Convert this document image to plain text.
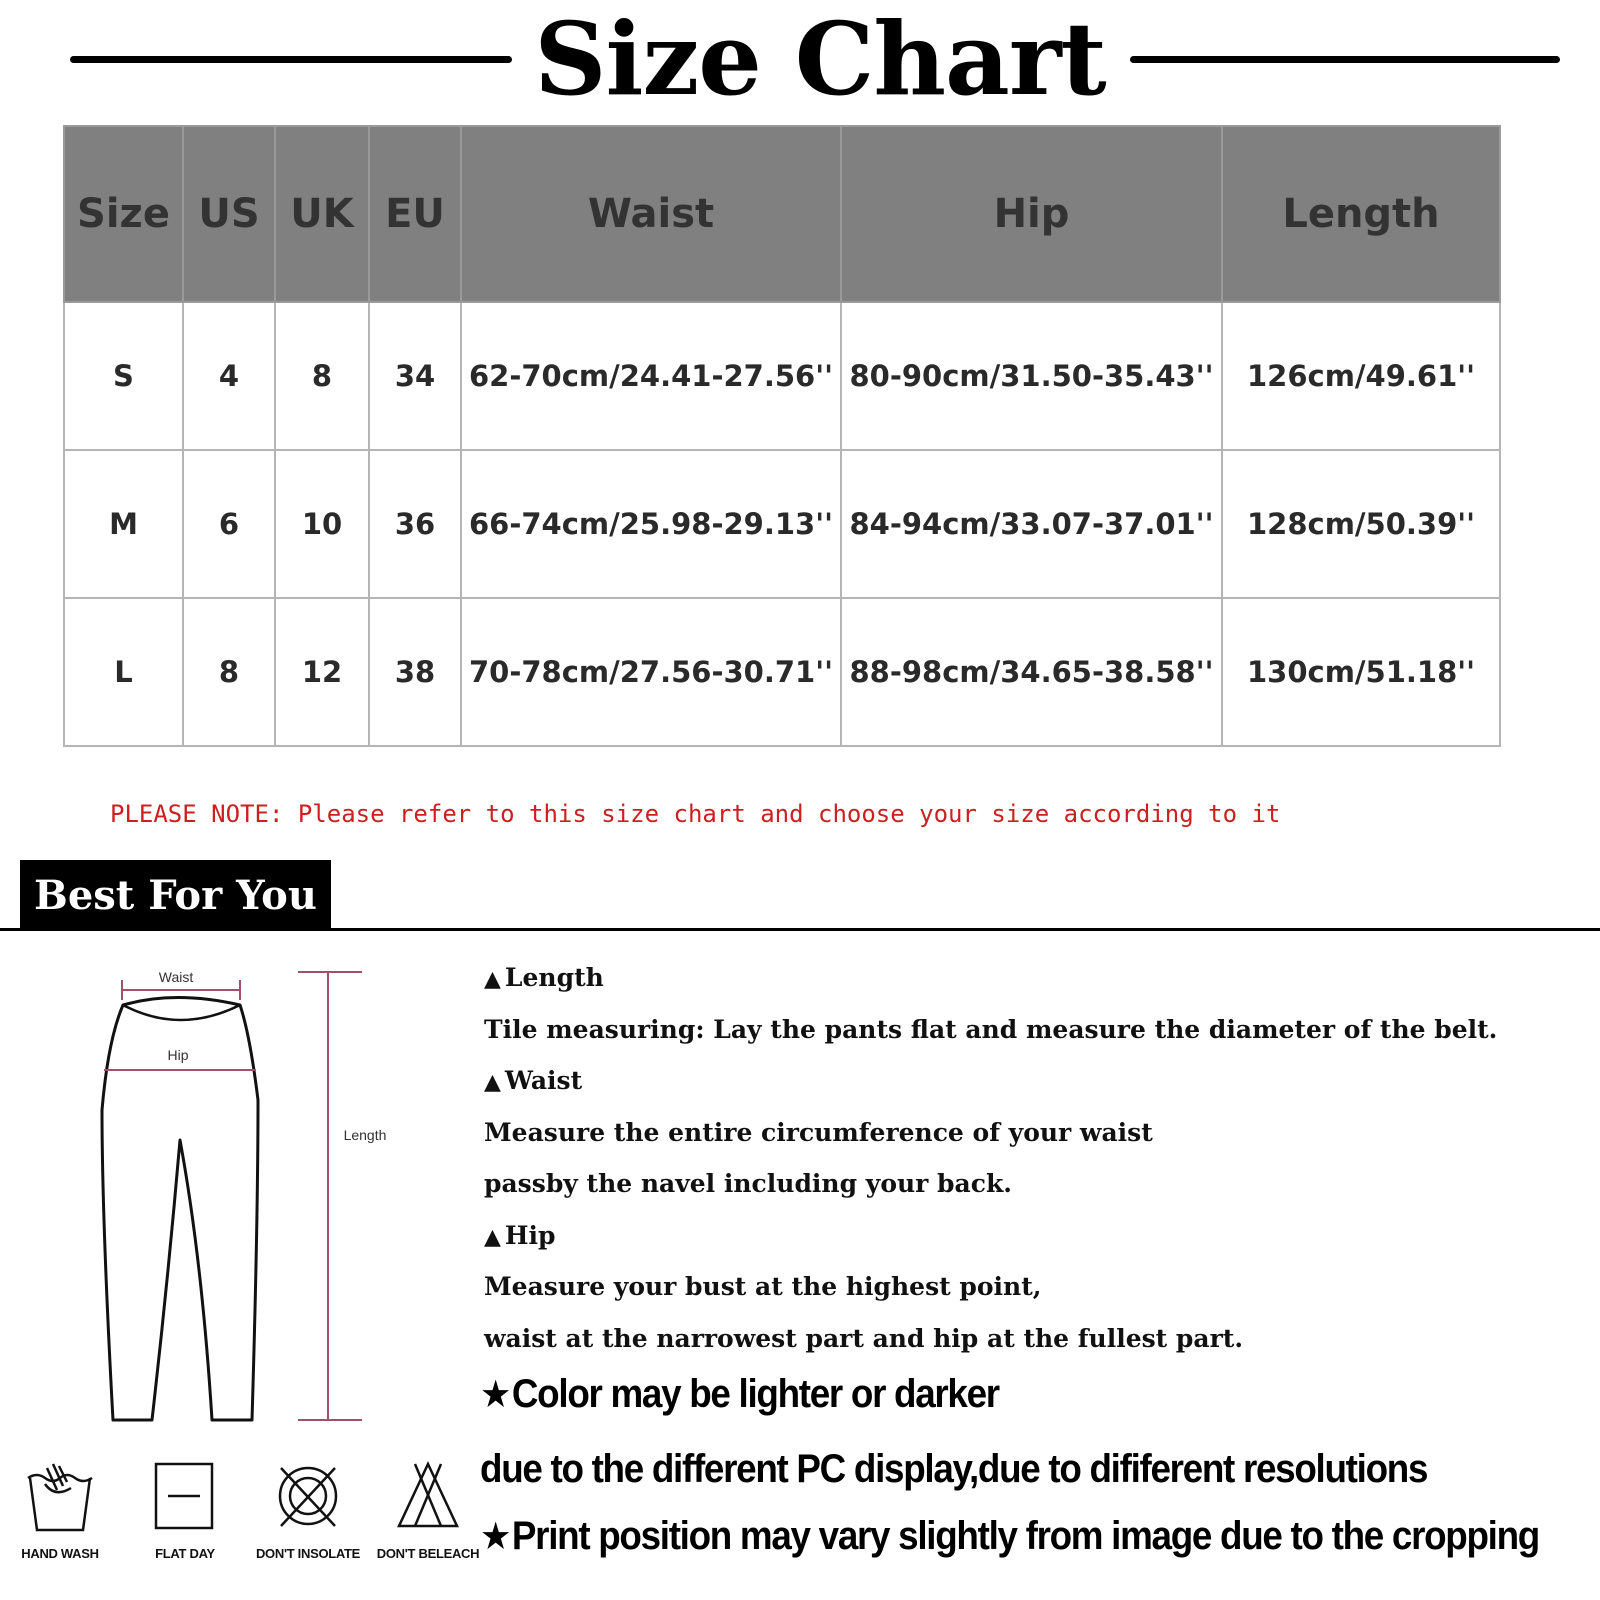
Size Chart
Size	US	UK	EU	Waist	Hip	Length
S	4	8	34	62-70cm/24.41-27.56''	80-90cm/31.50-35.43''	126cm/49.61''
M	6	10	36	66-74cm/25.98-29.13''	84-94cm/33.07-37.01''	128cm/50.39''
L	8	12	38	70-78cm/27.56-30.71''	88-98cm/34.65-38.58''	130cm/51.18''
PLEASE NOTE: Please refer to this size chart and choose your size according to it
Best For You
Waist
Hip
Length
HAND WASH	FLAT DAY	DON'T INSOLATE DON'T BELEACH
▲ Length
Tile measuring: Lay the pants flat and measure the diameter of the belt.
▲ Waist
Measure the entire circumference of your waist
passby the navel including your back.
▲ Hip
Measure your bust at the highest point,
waist at the narrowest part and hip at the fullest part.
★Color may be lighter or darker
due to the different PC display,due to dififerent resolutions
★Print position may vary slightly from image due to the cropping
